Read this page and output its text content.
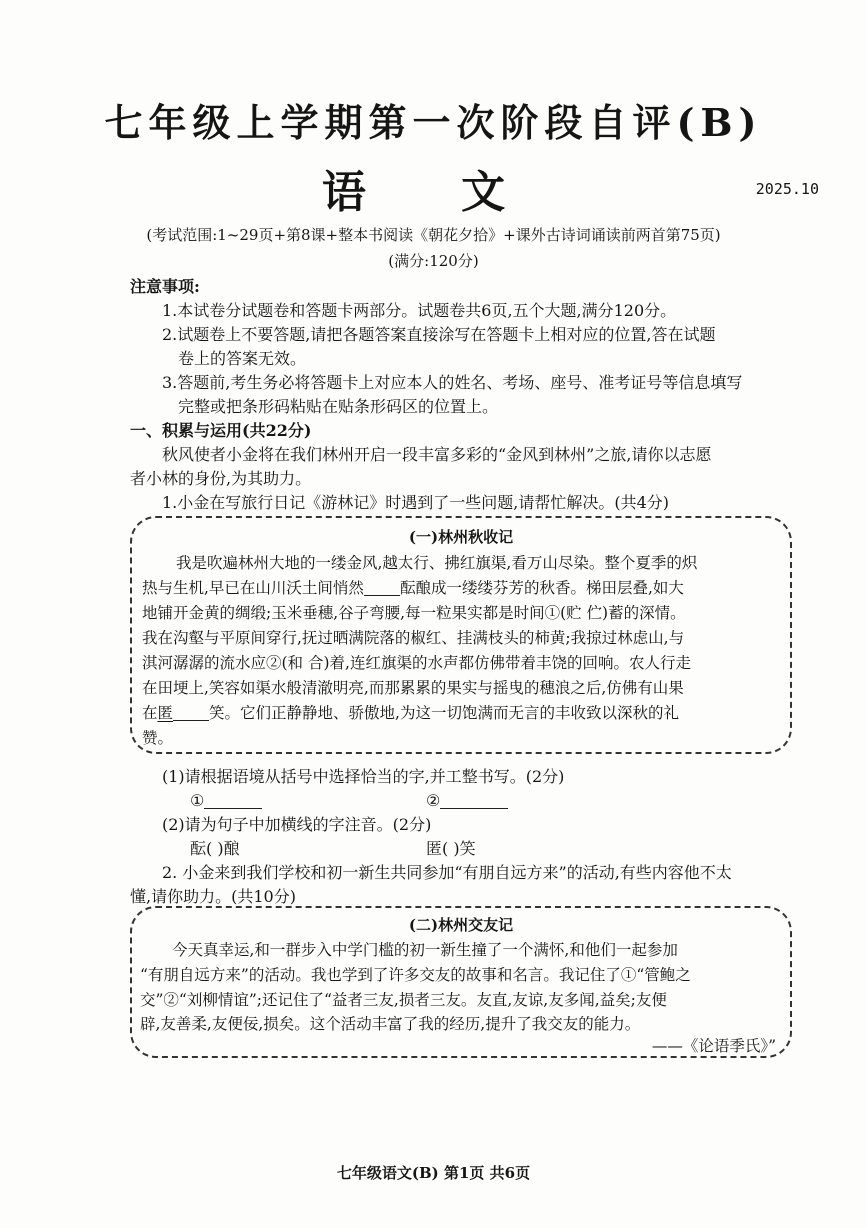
七年级上学期第一次阶段自评(B)
语 文	2025.10
(考试范围:1~29页+第8课+整本书阅读《朝花夕拾》+课外古诗词诵读前两首第75页)
(满分:120分)
注意事项:
1.本试卷分试题卷和答题卡两部分。试题卷共6页,五个大题,满分120分。
2.试题卷上不要答题,请把各题答案直接涂写在答题卡上相对应的位置,答在试题
卷上的答案无效。
3.答题前,考生务必将答题卡上对应本人的姓名、考场、座号、准考证号等信息填写
完整或把条形码粘贴在贴条形码区的位置上。
一、积累与运用(共22分)
秋风使者小金将在我们林州开启一段丰富多彩的“金风到林州”之旅,请你以志愿
者小林的身份,为其助力。
1.小金在写旅行日记《游林记》时遇到了一些问题,请帮忙解决。(共4分)
(一)林州秋收记
我是吹遍林州大地的一缕金风,越太行、拂红旗渠,看万山尽染。整个夏季的炽
热与生机,早已在山川沃土间悄然 酝酿成一缕缕芬芳的秋香。梯田层叠,如大
地铺开金黄的绸缎;玉米垂穗,谷子弯腰,每一粒果实都是时间①(贮 伫)蓄的深情。
我在沟壑与平原间穿行,抚过晒满院落的椒红、挂满枝头的柿黄;我掠过林虑山,与
淇河潺潺的流水应②(和 合)着,连红旗渠的水声都仿佛带着丰饶的回响。农人行走
在田埂上,笑容如渠水般清澈明亮,而那累累的果实与摇曳的穗浪之后,仿佛有山果
在匿 笑。它们正静静地、骄傲地,为这一切饱满而无言的丰收致以深秋的礼
赞。
(1)请根据语境从括号中选择恰当的字,并工整书写。(2分)
①	②
(2)请为句子中加横线的字注音。(2分)
酝( )酿	匿( )笑
2. 小金来到我们学校和初一新生共同参加“有朋自远方来”的活动,有些内容他不太
懂,请你助力。(共10分)
(二)林州交友记
今天真幸运,和一群步入中学门槛的初一新生撞了一个满怀,和他们一起参加
“有朋自远方来”的活动。我也学到了许多交友的故事和名言。我记住了①“管鲍之
交”②“刘柳情谊”;还记住了“益者三友,损者三友。友直,友谅,友多闻,益矣;友便
辟,友善柔,友便佞,损矣。这个活动丰富了我的经历,提升了我交友的能力。
——《论语季氏》”
七年级语文(B) 第1页 共6页
